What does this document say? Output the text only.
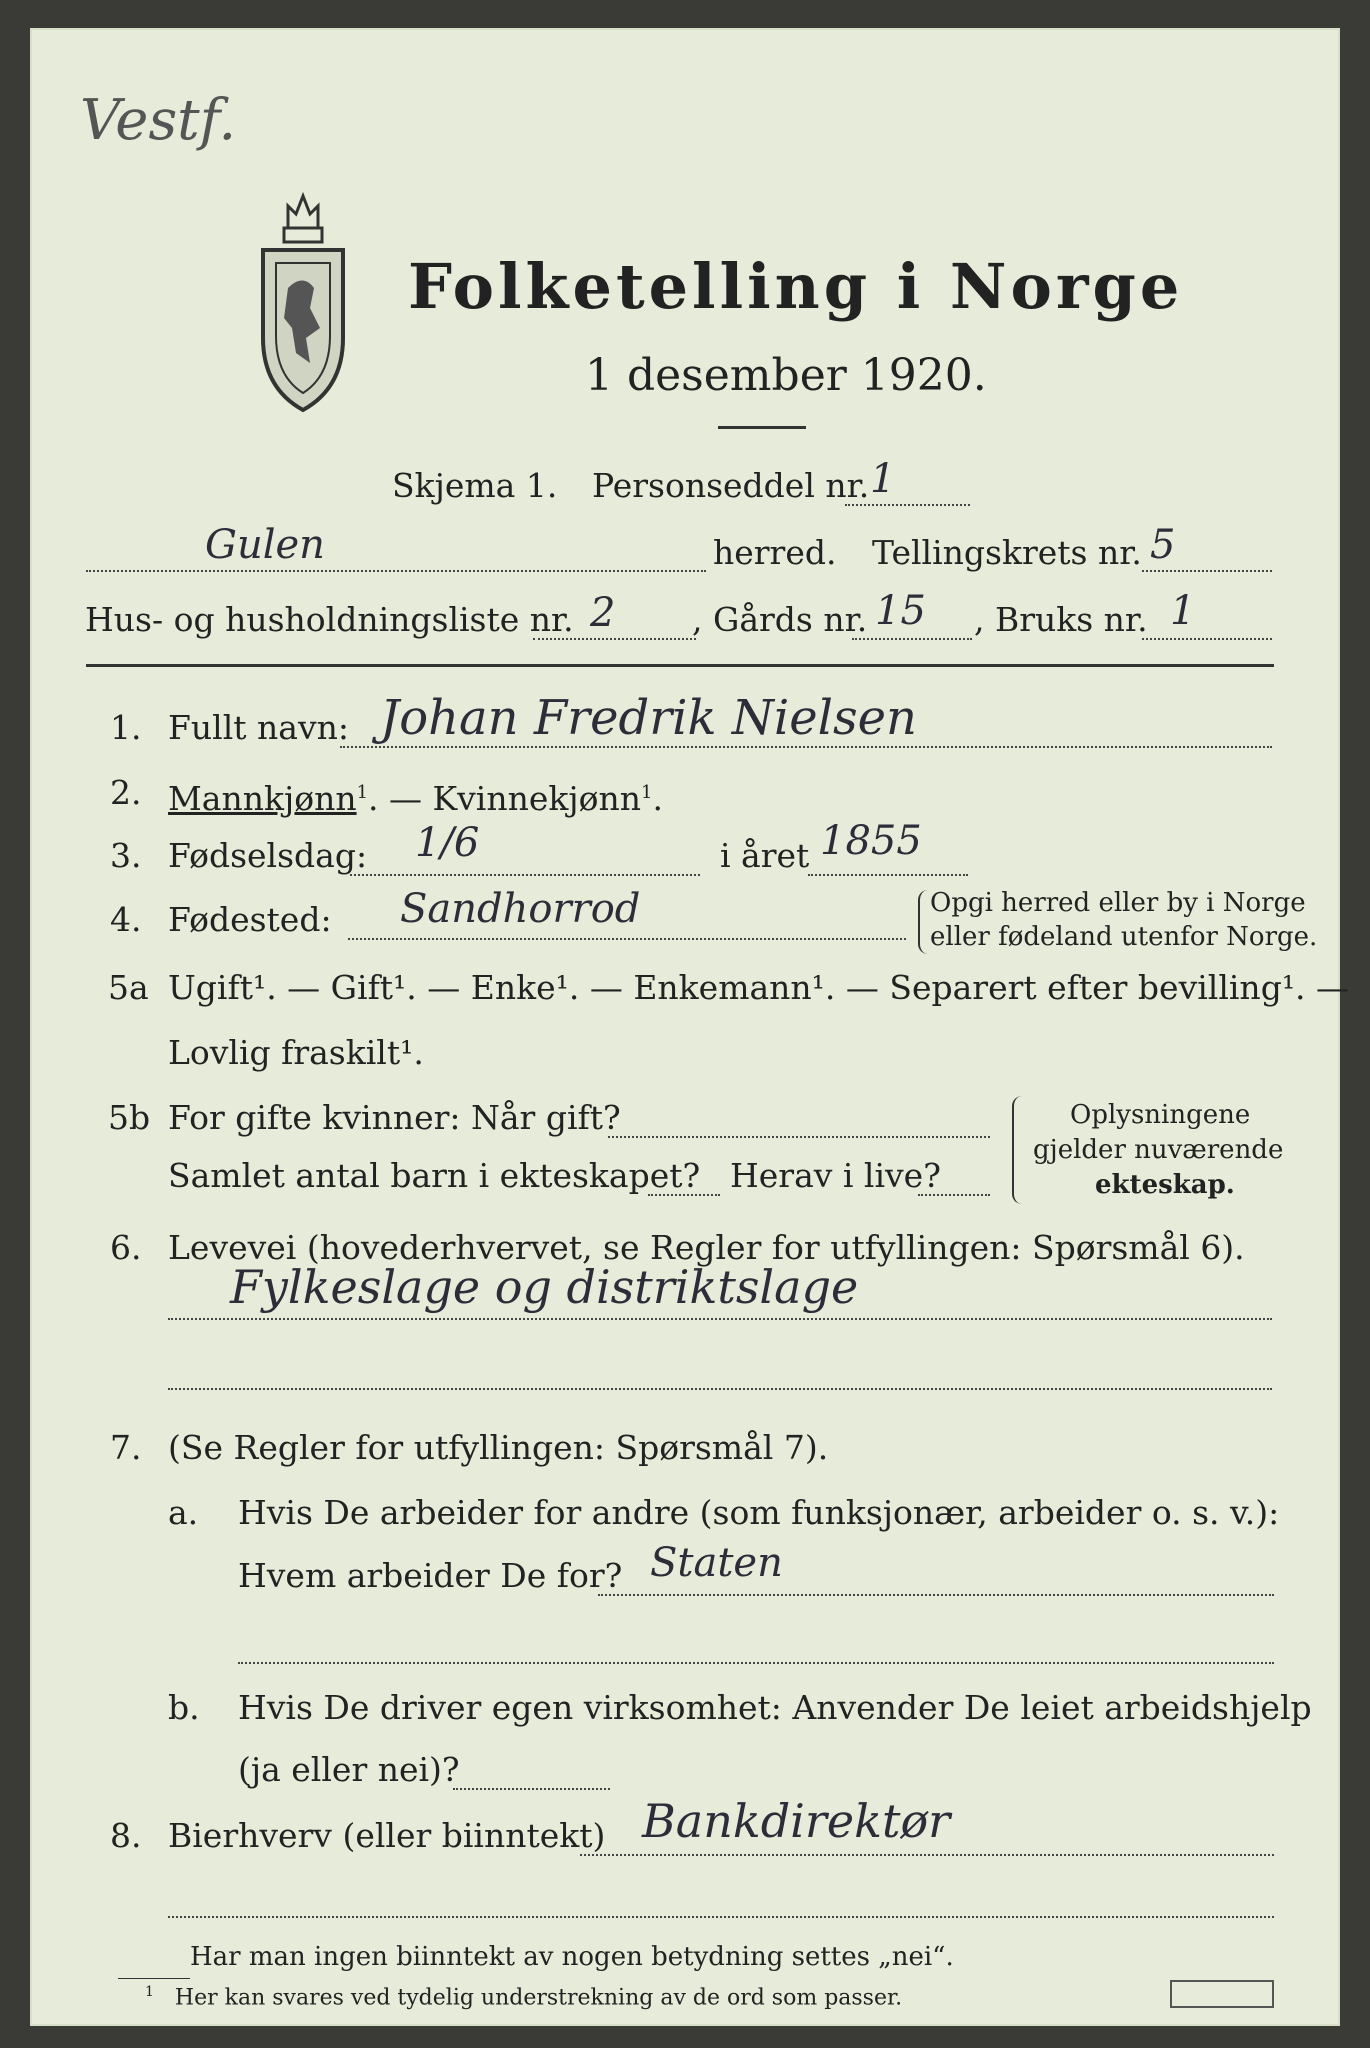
Vestf.
Folketelling i Norge
1 desember 1920.
Skjema 1. Personseddel nr. 1
Gulen	herred. Tellingskrets nr. 5
Hus- og husholdningsliste nr. 2 , Gårds nr. 15 , Bruks nr. 1
1. Fullt navn: Johan Fredrik Nielsen
2. Mannkjønn$^1$. — Kvinnekjønn$^1$.
3. Fødselsdag: 1/6	i året 1855
4. Fødested: Sandhorrod	Opgi herred eller by i Norge
eller fødeland utenfor Norge.
5a Ugift¹. — Gift¹. — Enke¹. — Enkemann¹. — Separert efter bevilling¹. —
Lovlig fraskilt¹.
5b For gifte kvinner: Når gift?
Samlet antal barn i ekteskapet? Herav i live?
Oplysningene
gjelder nuværende
ekteskap.
6. Levevei (hovederhvervet, se Regler for utfyllingen: Spørsmål 6).
Fylkeslage og distriktslage
7. (Se Regler for utfyllingen: Spørsmål 7).
a. Hvis De arbeider for andre (som funksjonær, arbeider o. s. v.):
Hvem arbeider De for? Staten
b. Hvis De driver egen virksomhet: Anvender De leiet arbeidshjelp
(ja eller nei)?
8. Bierhverv (eller biinntekt) Bankdirektør
Har man ingen biinntekt av nogen betydning settes „nei“.
$^1$ Her kan svares ved tydelig understrekning av de ord som passer.
